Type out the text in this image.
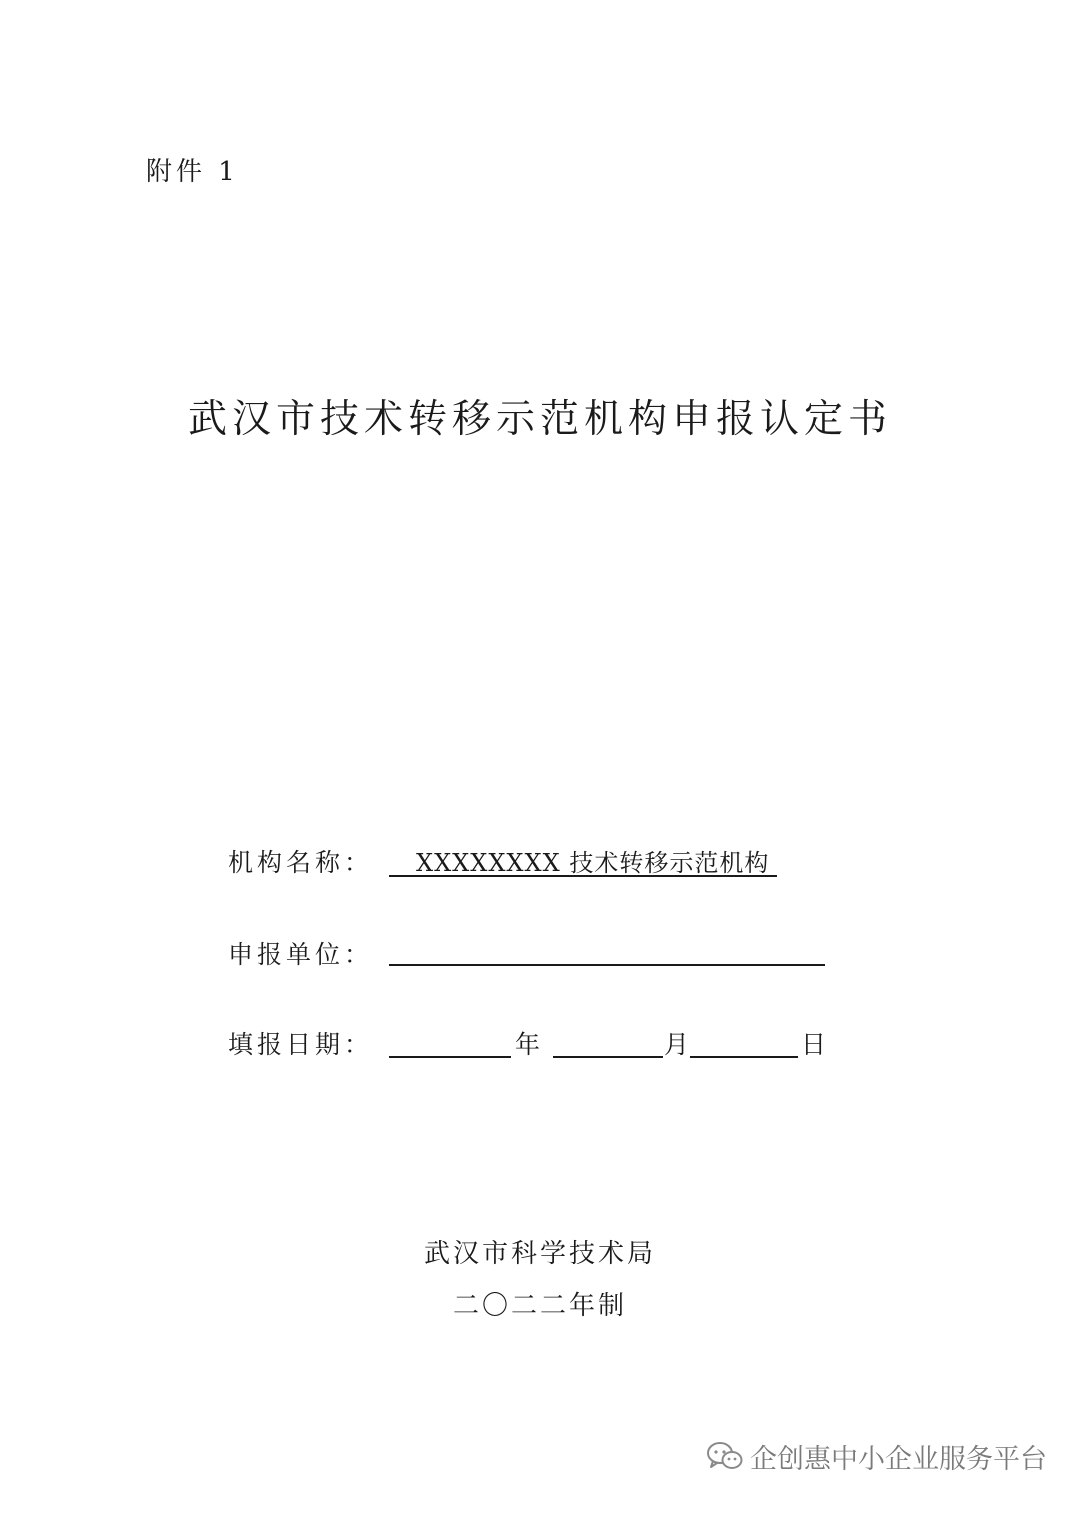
附件 1
武汉市技术转移示范机构申报认定书
机构名称： XXXXXXXX 技术转移示范机构
申报单位：
填报日期：	年	月	日
武汉市科学技术局
二〇二二年制
企创惠中小企业服务平台
